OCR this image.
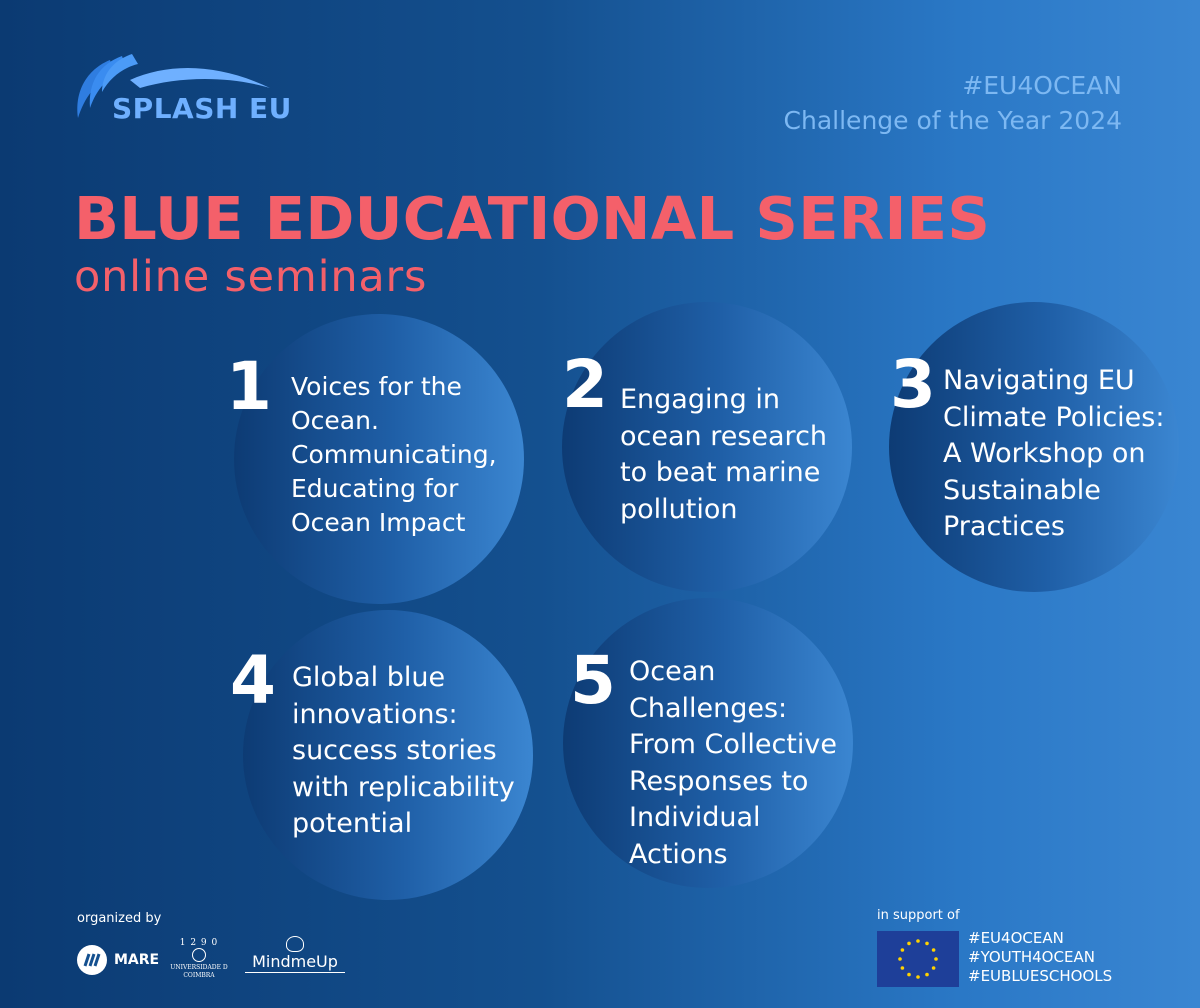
SPLASH EU
#EU4OCEAN
Challenge of the Year 2024
BLUE EDUCATIONAL SERIES
online seminars
1 Voices for the
Ocean.
Communicating,
Educating for
Ocean Impact
2 Engaging in
ocean research
to beat marine
pollution
3 Navigating EU
Climate Policies:
A Workshop on
Sustainable
Practices
4 Global blue
innovations:
success stories
with replicability
potential
5 Ocean
Challenges:
From Collective
Responses to
Individual
Actions
organized by
MARE
1 2 9 0
UNIVERSIDADE D COIMBRA
MindmeUp
in support of
#EU4OCEAN
#YOUTH4OCEAN
#EUBLUESCHOOLS
